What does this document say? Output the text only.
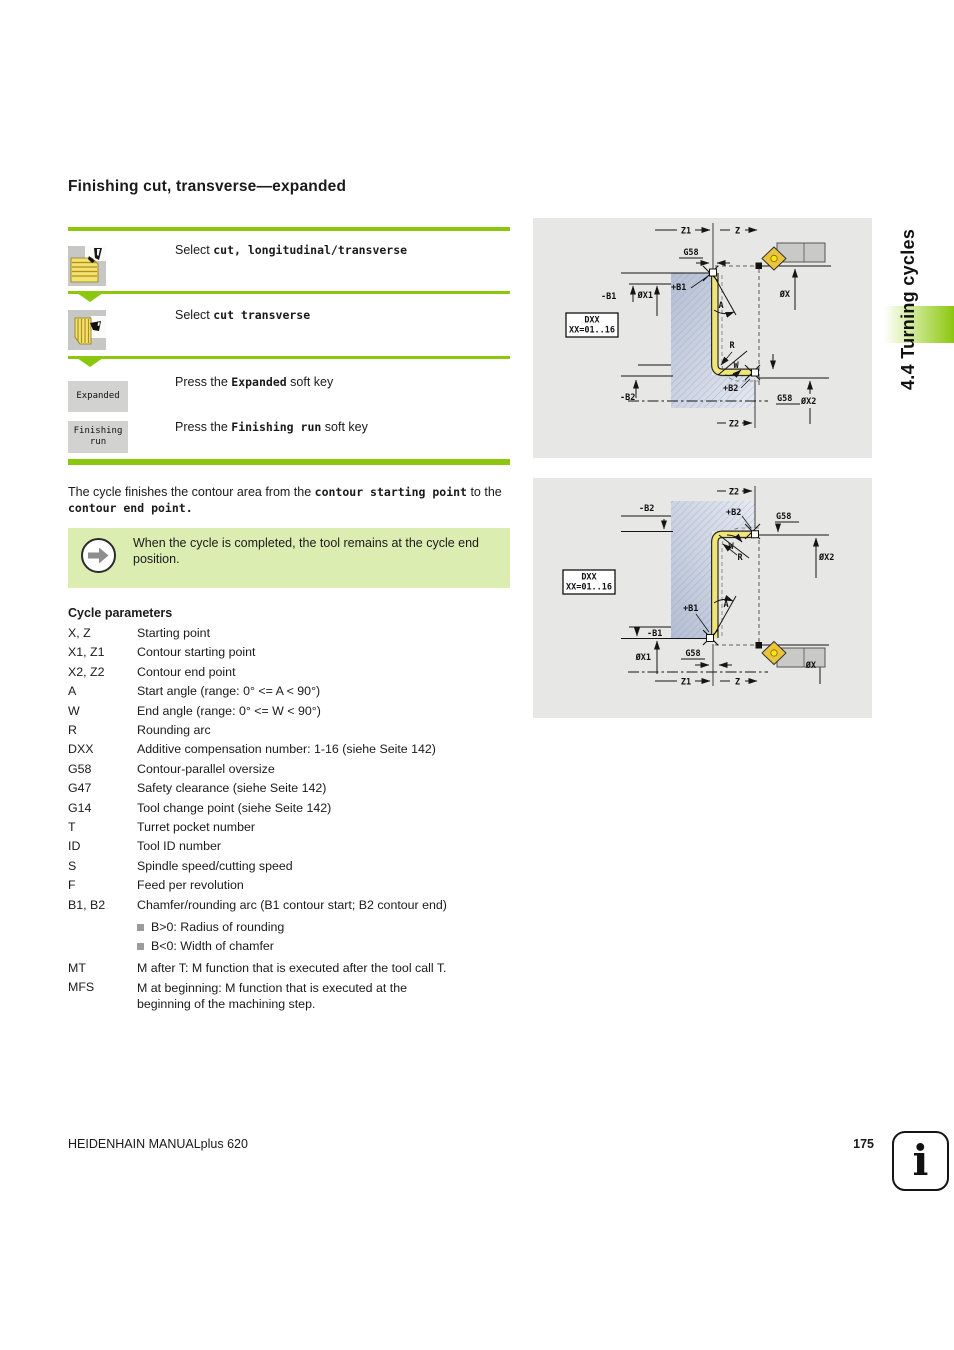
Finishing cut, transverse—expanded
4.4 Turning cycles
Select cut, longitudinal/transverse
Select cut transverse
Expanded
Press the Expanded soft key
Finishing
run
Press the Finishing run soft key
The cycle finishes the contour area from the contour starting point to the contour end point.
When the cycle is completed, the tool remains at the cycle end position.
Cycle parameters
X, Z	Starting point
X1, Z1	Contour starting point
X2, Z2	Contour end point
A	Start angle (range: 0° <= A < 90°)
W	End angle (range: 0° <= W < 90°)
R	Rounding arc
DXX	Additive compensation number: 1-16 (siehe Seite 142)
G58	Contour-parallel oversize
G47	Safety clearance (siehe Seite 142)
G14	Tool change point (siehe Seite 142)
T	Turret pocket number
ID	Tool ID number
S	Spindle speed/cutting speed
F	Feed per revolution
B1, B2	Chamfer/rounding arc (B1 contour start; B2 contour end)
B>0: Radius of rounding
B<0: Width of chamfer
MT	M after T: M function that is executed after the tool call T.
MFS	M at beginning: M function that is executed at the beginning of the machining step.
Z1	Z
G58
ØX
-B1	ØX1
+B1
A
DXX
XX=01..16
R
W
-B2
+B2
G58 ØX2
Z2
Z2
-B2	+B2	G58
ØX2
DXX
XX=01..16
W
R
A
+B1
-B1
ØX1	G58
ØX
Z1	Z
HEIDENHAIN MANUALplus 620	175 i
